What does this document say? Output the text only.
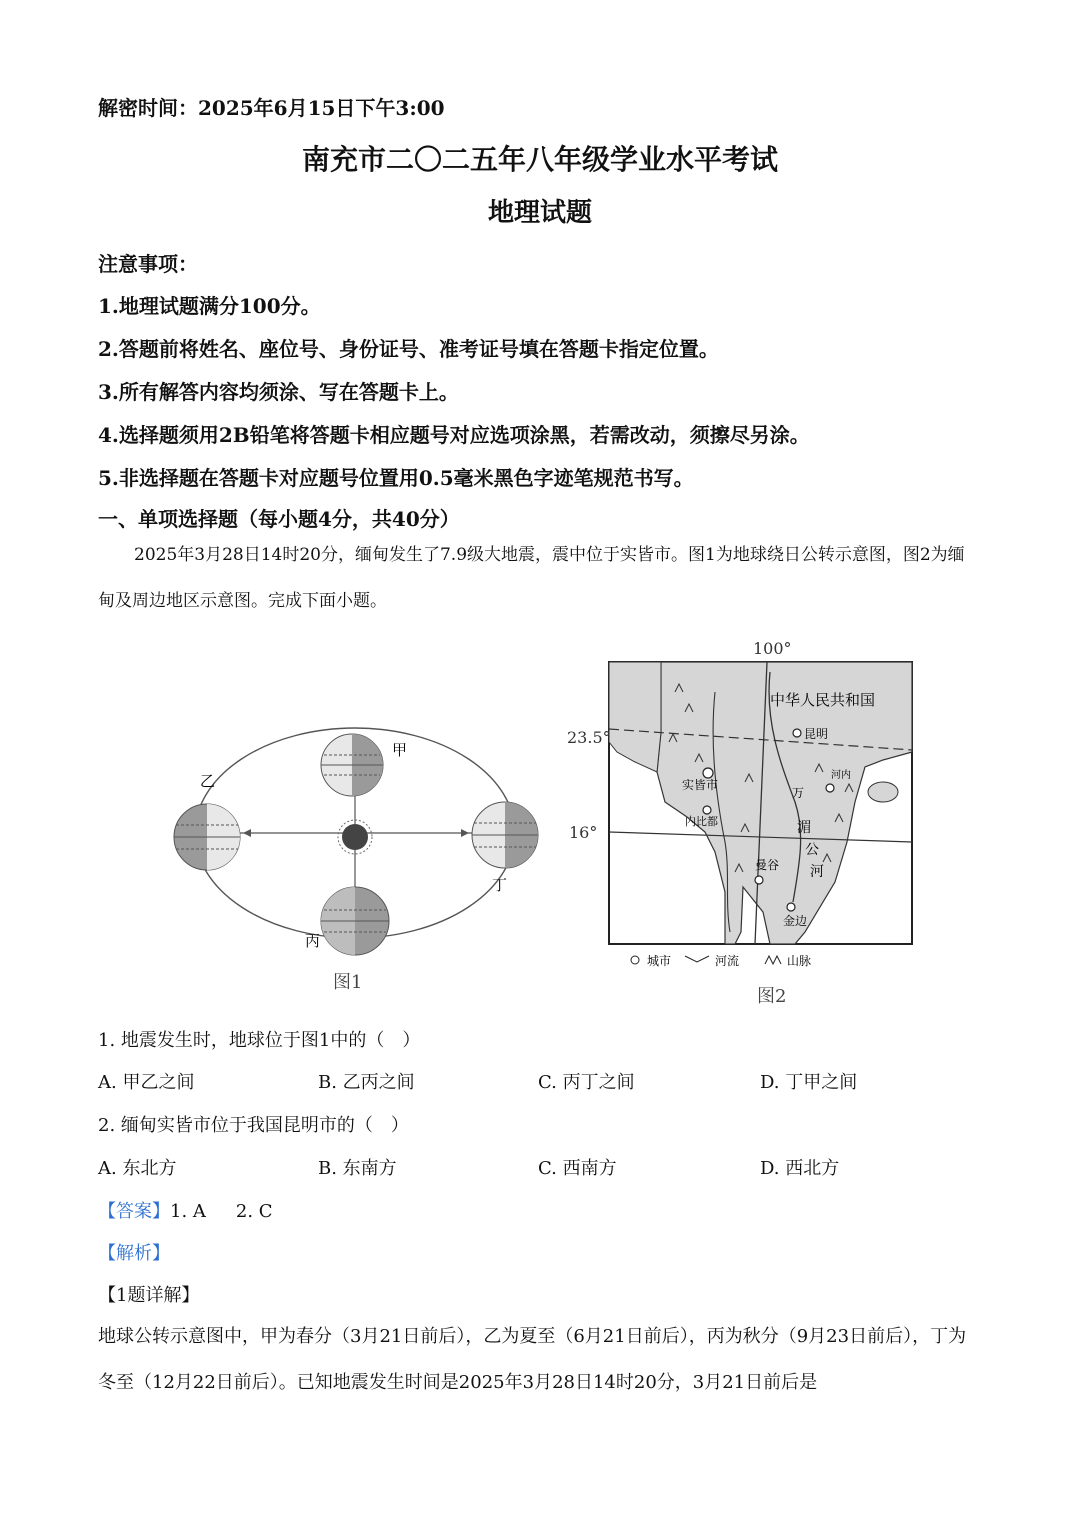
解密时间：2025年6月15日下午3:00
南充市二〇二五年八年级学业水平考试
地理试题
注意事项：
1.地理试题满分100分。
2.答题前将姓名、座位号、身份证号、准考证号填在答题卡指定位置。
3.所有解答内容均须涂、写在答题卡上。
4.选择题须用2B铅笔将答题卡相应题号对应选项涂黑，若需改动，须擦尽另涂。
5.非选择题在答题卡对应题号位置用0.5毫米黑色字迹笔规范书写。
一、单项选择题（每小题4分，共40分）
2025年3月28日14时20分，缅甸发生了7.9级大地震，震中位于实皆市。图1为地球绕日公转示意图，图2为缅甸及周边地区示意图。完成下面小题。
甲
乙
丁
丙
图1
100°
中华人民共和国
昆明
实皆市
内比都
曼谷
金边
河内
万
湄
公
河
23.5°
16°
城市	河流	山脉
图2
1. 地震发生时，地球位于图1中的（　）
A. 甲乙之间	B. 乙丙之间	C. 丙丁之间	D. 丁甲之间
2. 缅甸实皆市位于我国昆明市的（　）
A. 东北方	B. 东南方	C. 西南方	D. 西北方
【答案】1. A 2. C
【解析】
【1题详解】
地球公转示意图中，甲为春分（3月21日前后），乙为夏至（6月21日前后），丙为秋分（9月23日前后），丁为冬至（12月22日前后）。已知地震发生时间是2025年3月28日14时20分，3月21日前后是
